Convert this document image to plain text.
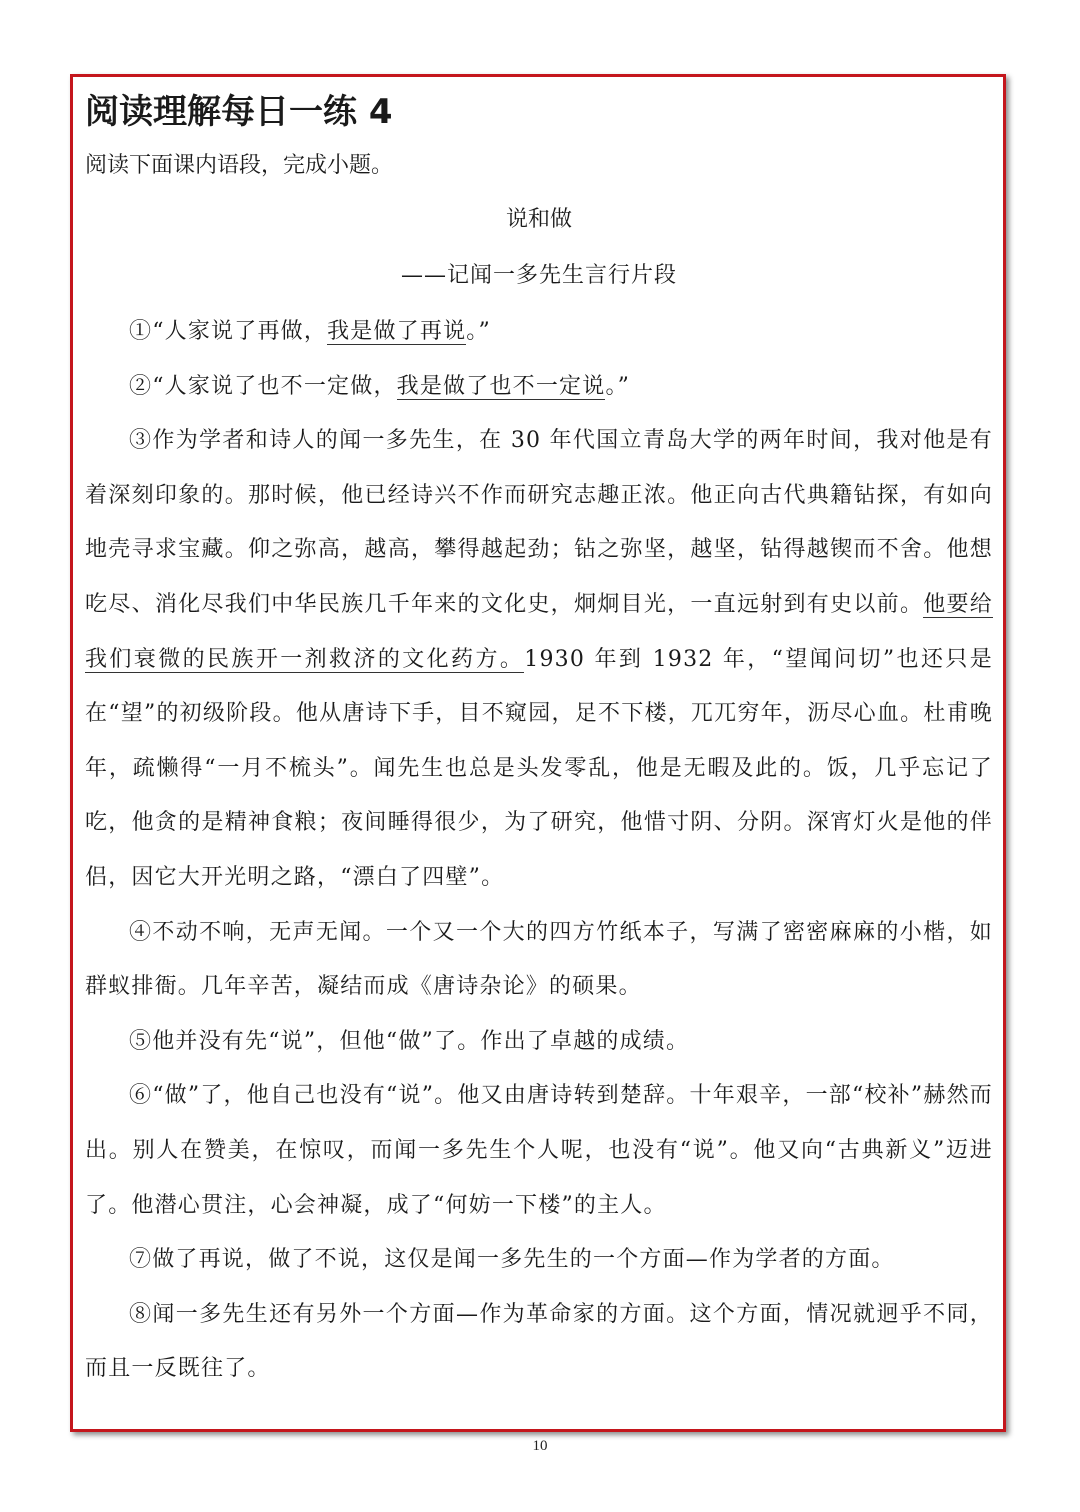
阅读理解每日一练 4

阅读下面课内语段，完成小题。

说和做

——记闻一多先生言行片段

①“人家说了再做，我是做了再说。”

②“人家说了也不一定做，我是做了也不一定说。”

③作为学者和诗人的闻一多先生，在 30 年代国立青岛大学的两年时间，我对他是有着深刻印象的。那时候，他已经诗兴不作而研究志趣正浓。他正向古代典籍钻探，有如向地壳寻求宝藏。仰之弥高，越高，攀得越起劲；钻之弥坚，越坚，钻得越锲而不舍。他想吃尽、消化尽我们中华民族几千年来的文化史，炯炯目光，一直远射到有史以前。他要给我们衰微的民族开一剂救济的文化药方。1930 年到 1932 年，“望闻问切”也还只是在“望”的初级阶段。他从唐诗下手，目不窥园，足不下楼，兀兀穷年，沥尽心血。杜甫晚年，疏懒得“一月不梳头”。闻先生也总是头发零乱，他是无暇及此的。饭，几乎忘记了吃，他贪的是精神食粮；夜间睡得很少，为了研究，他惜寸阴、分阴。深宵灯火是他的伴侣，因它大开光明之路，“漂白了四壁”。

④不动不响，无声无闻。一个又一个大的四方竹纸本子，写满了密密麻麻的小楷，如群蚁排衙。几年辛苦，凝结而成《唐诗杂论》的硕果。

⑤他并没有先“说”，但他“做”了。作出了卓越的成绩。

⑥“做”了，他自己也没有“说”。他又由唐诗转到楚辞。十年艰辛，一部“校补”赫然而出。别人在赞美，在惊叹，而闻一多先生个人呢，也没有“说”。他又向“古典新义”迈进了。他潜心贯注，心会神凝，成了“何妨一下楼”的主人。

⑦做了再说，做了不说，这仅是闻一多先生的一个方面—作为学者的方面。

⑧闻一多先生还有另外一个方面—作为革命家的方面。这个方面，情况就迥乎不同，而且一反既往了。

10
